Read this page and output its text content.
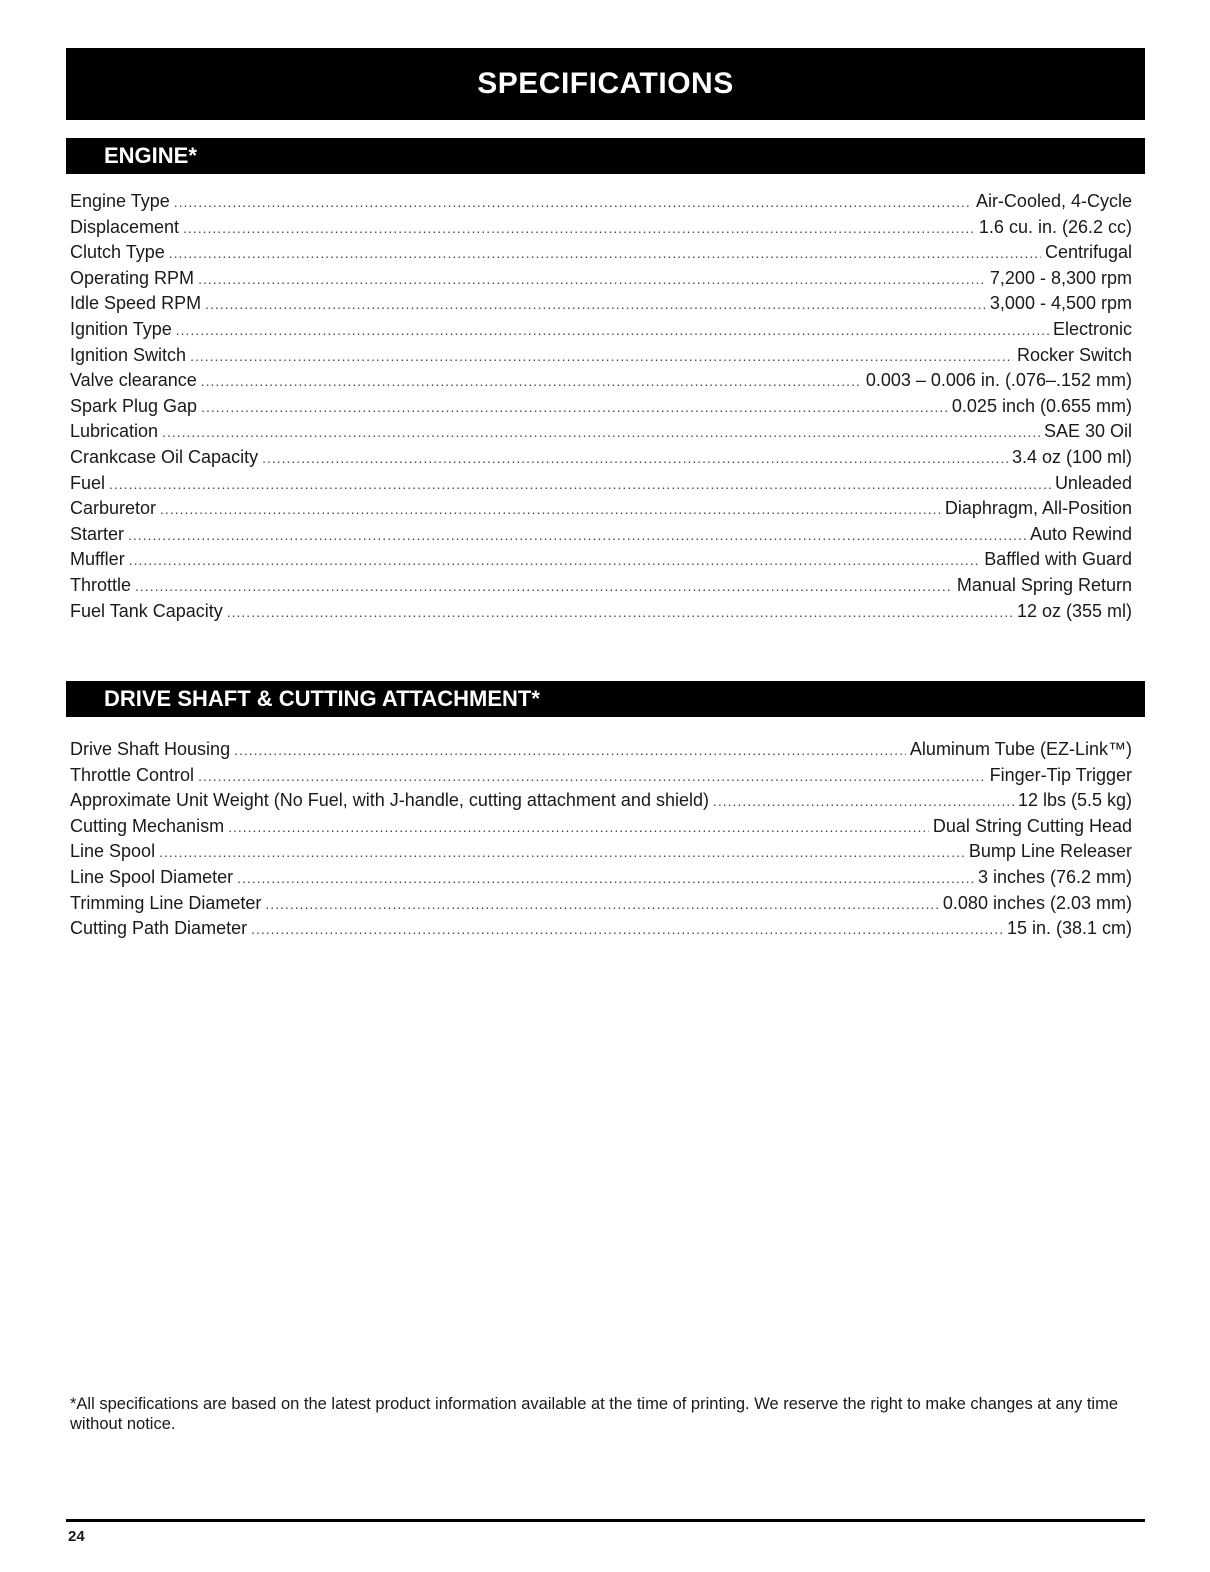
SPECIFICATIONS
ENGINE*
Engine Type .....	Air-Cooled, 4-Cycle
Displacement .....	1.6 cu. in. (26.2 cc)
Clutch Type .....	Centrifugal
Operating RPM .....	7,200 - 8,300 rpm
Idle Speed RPM .....	3,000 - 4,500 rpm
Ignition Type .....	Electronic
Ignition Switch .....	Rocker Switch
Valve clearance .....	0.003 – 0.006 in. (.076–.152 mm)
Spark Plug Gap .....	0.025 inch (0.655 mm)
Lubrication .....	SAE 30 Oil
Crankcase Oil Capacity .....	3.4 oz (100 ml)
Fuel .....	Unleaded
Carburetor .....	Diaphragm, All-Position
Starter .....	Auto Rewind
Muffler .....	Baffled with Guard
Throttle .....	Manual Spring Return
Fuel Tank Capacity .....	12 oz (355 ml)
DRIVE SHAFT & CUTTING ATTACHMENT*
Drive Shaft Housing .....	Aluminum Tube (EZ-Link™)
Throttle Control .....	Finger-Tip Trigger
Approximate Unit Weight (No Fuel, with J-handle, cutting attachment and shield) .....	12 lbs (5.5 kg)
Cutting Mechanism .....	Dual String Cutting Head
Line Spool .....	Bump Line Releaser
Line Spool Diameter .....	3 inches (76.2 mm)
Trimming Line Diameter .....	0.080 inches (2.03 mm)
Cutting Path Diameter .....	15 in. (38.1 cm)
*All specifications are based on the latest product information available at the time of printing. We reserve the right to make changes at any time without notice.
24
